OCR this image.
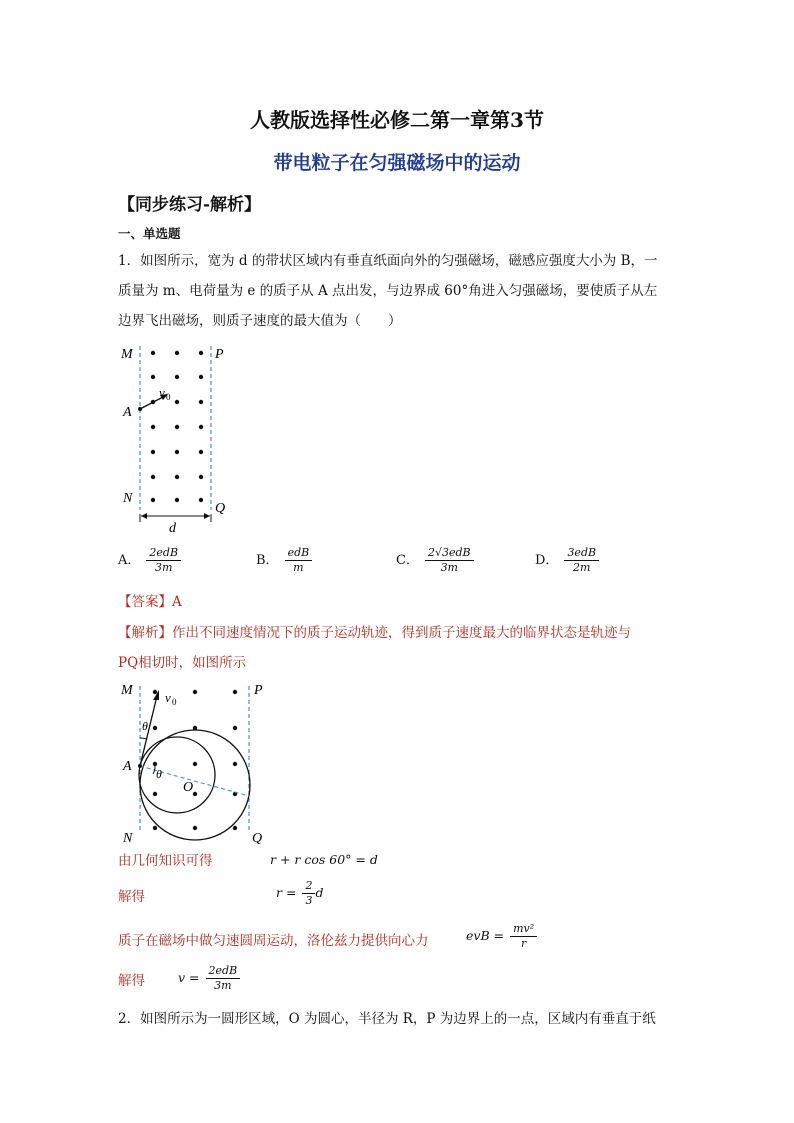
人教版选择性必修二第一章第3节
带电粒子在匀强磁场中的运动
【同步练习-解析】
一、单选题
1．如图所示，宽为 d 的带状区域内有垂直纸面向外的匀强磁场，磁感应强度大小为 B，一
质量为 m、电荷量为 e 的质子从 A 点出发，与边界成 60°角进入匀强磁场，要使质子从左
边界飞出磁场，则质子速度的最大值为（　　）
M	P
A
v 0
N
Q
d
A． $\frac{\text{2edB}}{3m}$	B． $\frac{\text{edB}}{m}$	C． $\frac{\text{2√3edB}}{3m}$	D． $\frac{\text{3edB}}{2m}$
【答案】A
【解析】作出不同速度情况下的质子运动轨迹，得到质子速度最大的临界状态是轨迹与
PQ相切时，如图所示
M	P
A
O
v 0
θ
θ
N	Q
由几何知识可得	r + r cos 60° = d
解得	$r = \frac{2}{3}$ d
质子在磁场中做匀速圆周运动，洛伦兹力提供向心力	evB = $\frac{\text{mv²}}{r}$
解得	$v = \frac{\text{2edB}}{3m}$
2．如图所示为一圆形区域，O 为圆心，半径为 R，P 为边界上的一点，区域内有垂直于纸
